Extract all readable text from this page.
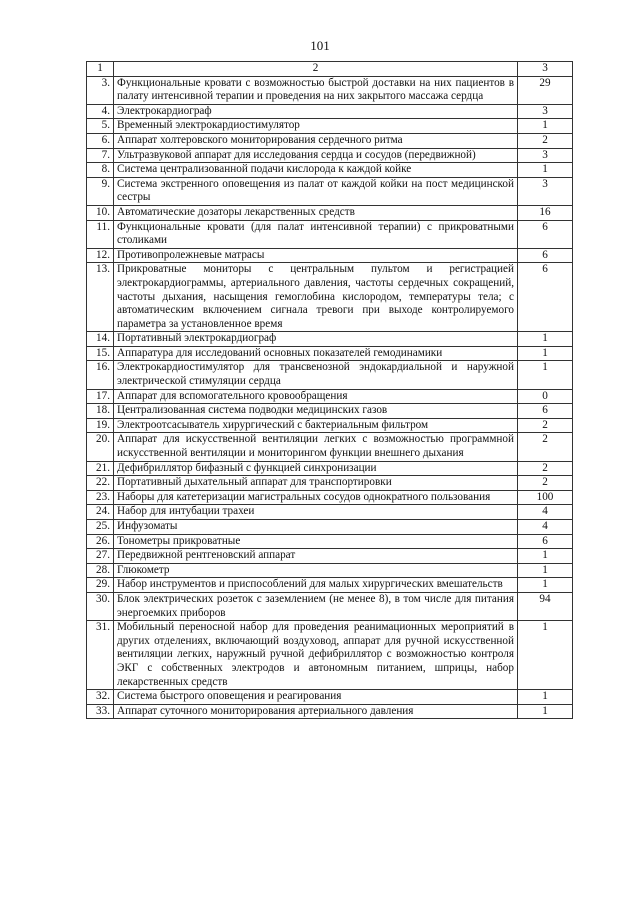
101
1	2	3
3.	Функциональные кровати с возможностью быстрой доставки на них пациентов в палату интенсивной терапии и проведения на них закрытого массажа сердца	29
4.	Электрокардиограф	3
5.	Временный электрокардиостимулятор	1
6.	Аппарат холтеровского мониторирования сердечного ритма	2
7.	Ультразвуковой аппарат для исследования сердца и сосудов (передвижной)	3
8.	Система централизованной подачи кислорода к каждой койке	1
9.	Система экстренного оповещения из палат от каждой койки на пост медицинской сестры	3
10.	Автоматические дозаторы лекарственных средств	16
11.	Функциональные кровати (для палат интенсивной терапии) с прикроватными столиками	6
12.	Противопролежневые матрасы	6
13.	Прикроватные мониторы с центральным пультом и регистрацией электрокардиограммы, артериального давления, частоты сердечных сокращений, частоты дыхания, насыщения гемоглобина кислородом, температуры тела; с автоматическим включением сигнала тревоги при выходе контролируемого параметра за установленное время	6
14.	Портативный электрокардиограф	1
15.	Аппаратура для исследований основных показателей гемодинамики	1
16.	Электрокардиостимулятор для трансвенозной эндокардиальной и наружной электрической стимуляции сердца	1
17.	Аппарат для вспомогательного кровообращения	0
18.	Централизованная система подводки медицинских газов	6
19.	Электроотсасыватель хирургический с бактериальным фильтром	2
20.	Аппарат для искусственной вентиляции легких с возможностью программной искусственной вентиляции и мониторингом функции внешнего дыхания	2
21.	Дефибриллятор бифазный с функцией синхронизации	2
22.	Портативный дыхательный аппарат для транспортировки	2
23.	Наборы для катетеризации магистральных сосудов однократного пользования	100
24.	Набор для интубации трахеи	4
25.	Инфузоматы	4
26.	Тонометры прикроватные	6
27.	Передвижной рентгеновский аппарат	1
28.	Глюкометр	1
29.	Набор инструментов и приспособлений для малых хирургических вмешательств	1
30.	Блок электрических розеток с заземлением (не менее 8), в том числе для питания энергоемких приборов	94
31.	Мобильный переносной набор для проведения реанимационных мероприятий в других отделениях, включающий воздуховод, аппарат для ручной искусственной вентиляции легких, наружный ручной дефибриллятор с возможностью контроля ЭКГ с собственных электродов и автономным питанием, шприцы, набор лекарственных средств	1
32.	Система быстрого оповещения и реагирования	1
33.	Аппарат суточного мониторирования артериального давления	1
